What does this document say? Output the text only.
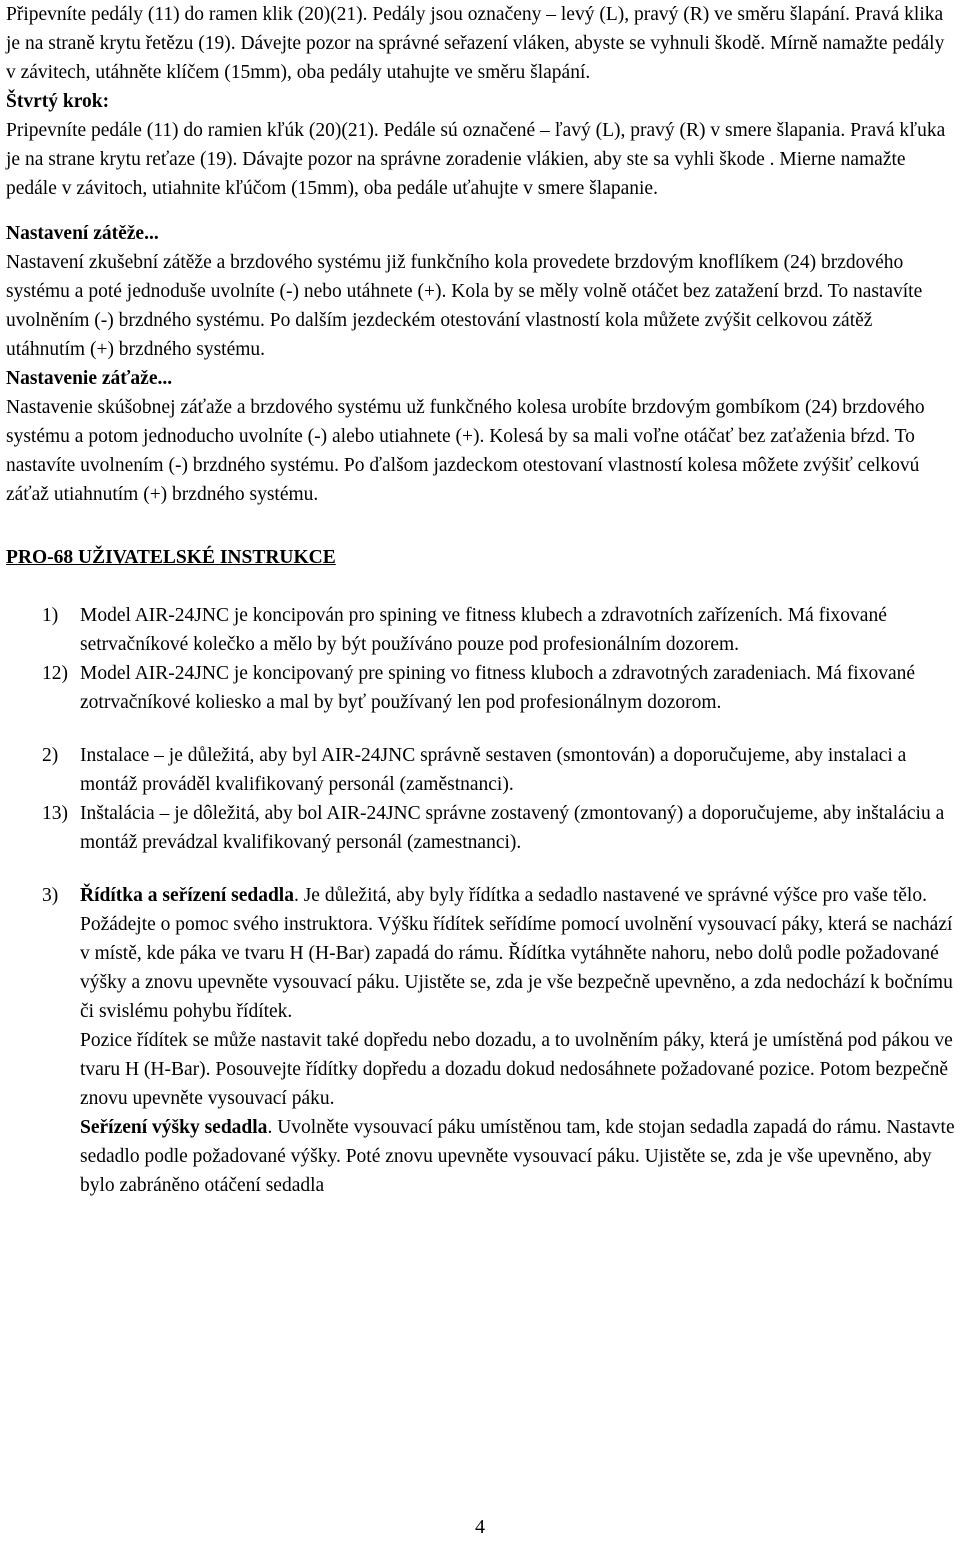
Připevníte pedály (11) do ramen klik (20)(21). Pedály jsou označeny – levý (L), pravý (R) ve směru šlapání. Pravá klika je na straně krytu řetězu (19). Dávejte pozor na správné seřazení vláken, abyste se vyhnuli škodě. Mírně namažte pedály v závitech, utáhněte klíčem (15mm), oba pedály utahujte ve směru šlapání.

Štvrtý krok:

Pripevníte pedále (11) do ramien kľúk (20)(21). Pedále sú označené – ľavý (L), pravý (R) v smere šlapania. Pravá kľuka je na strane krytu reťaze (19). Dávajte pozor na správne zoradenie vlákien, aby ste sa vyhli škode . Mierne namažte pedále v závitoch, utiahnite kľúčom (15mm), oba pedále uťahujte v smere šlapanie.

Nastavení zátěže...

Nastavení zkušební zátěže a brzdového systému již funkčního kola provedete brzdovým knoflíkem (24) brzdového systému a poté jednoduše uvolníte (-) nebo utáhnete (+). Kola by se měly volně otáčet bez zatažení brzd. To nastavíte uvolněním (-) brzdného systému. Po dalším jezdeckém otestování vlastností kola můžete zvýšit celkovou zátěž utáhnutím (+) brzdného systému.

Nastavenie záťaže...

Nastavenie skúšobnej záťaže a brzdového systému už funkčného kolesa urobíte brzdovým gombíkom (24) brzdového systému a potom jednoducho uvolníte (-) alebo utiahnete (+). Kolesá by sa mali voľne otáčať bez zaťaženia bŕzd. To nastavíte uvolnením (-) brzdného systému. Po ďalšom jazdeckom otestovaní vlastností kolesa môžete zvýšiť celkovú záťaž utiahnutím (+) brzdného systému.

PRO-68 UŽIVATELSKÉ INSTRUKCE

1) Model AIR-24JNC je koncipován pro spining ve fitness klubech a zdravotních zařízeních. Má fixované setrvačníkové kolečko a mělo by být používáno pouze pod profesionálním dozorem.
12) Model AIR-24JNC je koncipovaný pre spining vo fitness kluboch a zdravotných zaradeniach. Má fixované zotrvačníkové koliesko a mal by byť používaný len pod profesionálnym dozorom.
2) Instalace – je důležitá, aby byl AIR-24JNC správně sestaven (smontován) a doporučujeme, aby instalaci a montáž prováděl kvalifikovaný personál (zaměstnanci).
13) Inštalácia – je dôležitá, aby bol AIR-24JNC správne zostavený (zmontovaný) a doporučujeme, aby inštaláciu a montáž prevádzal kvalifikovaný personál (zamestnanci).
3) Řídítka a seřízení sedadla. Je důležitá, aby byly řídítka a sedadlo nastavené ve správné výšce pro vaše tělo. Požádejte o pomoc svého instruktora. Výšku řídítek seřídíme pomocí uvolnění vysouvací páky, která se nachází v místě, kde páka ve tvaru H (H-Bar) zapadá do rámu. Řídítka vytáhněte nahoru, nebo dolů podle požadované výšky a znovu upevněte vysouvací páku. Ujistěte se, zda je vše bezpečně upevněno, a zda nedochází k bočnímu či svislému pohybu řídítek.

Pozice řídítek se může nastavit také dopředu nebo dozadu, a to uvolněním páky, která je umístěná pod pákou ve tvaru H (H-Bar). Posouvejte řídítky dopředu a dozadu dokud nedosáhnete požadované pozice. Potom bezpečně znovu upevněte vysouvací páku.

Seřízení výšky sedadla. Uvolněte vysouvací páku umístěnou tam, kde stojan sedadla zapadá do rámu. Nastavte sedadlo podle požadované výšky. Poté znovu upevněte vysouvací páku. Ujistěte se, zda je vše upevněno, aby bylo zabráněno otáčení sedadla

4
